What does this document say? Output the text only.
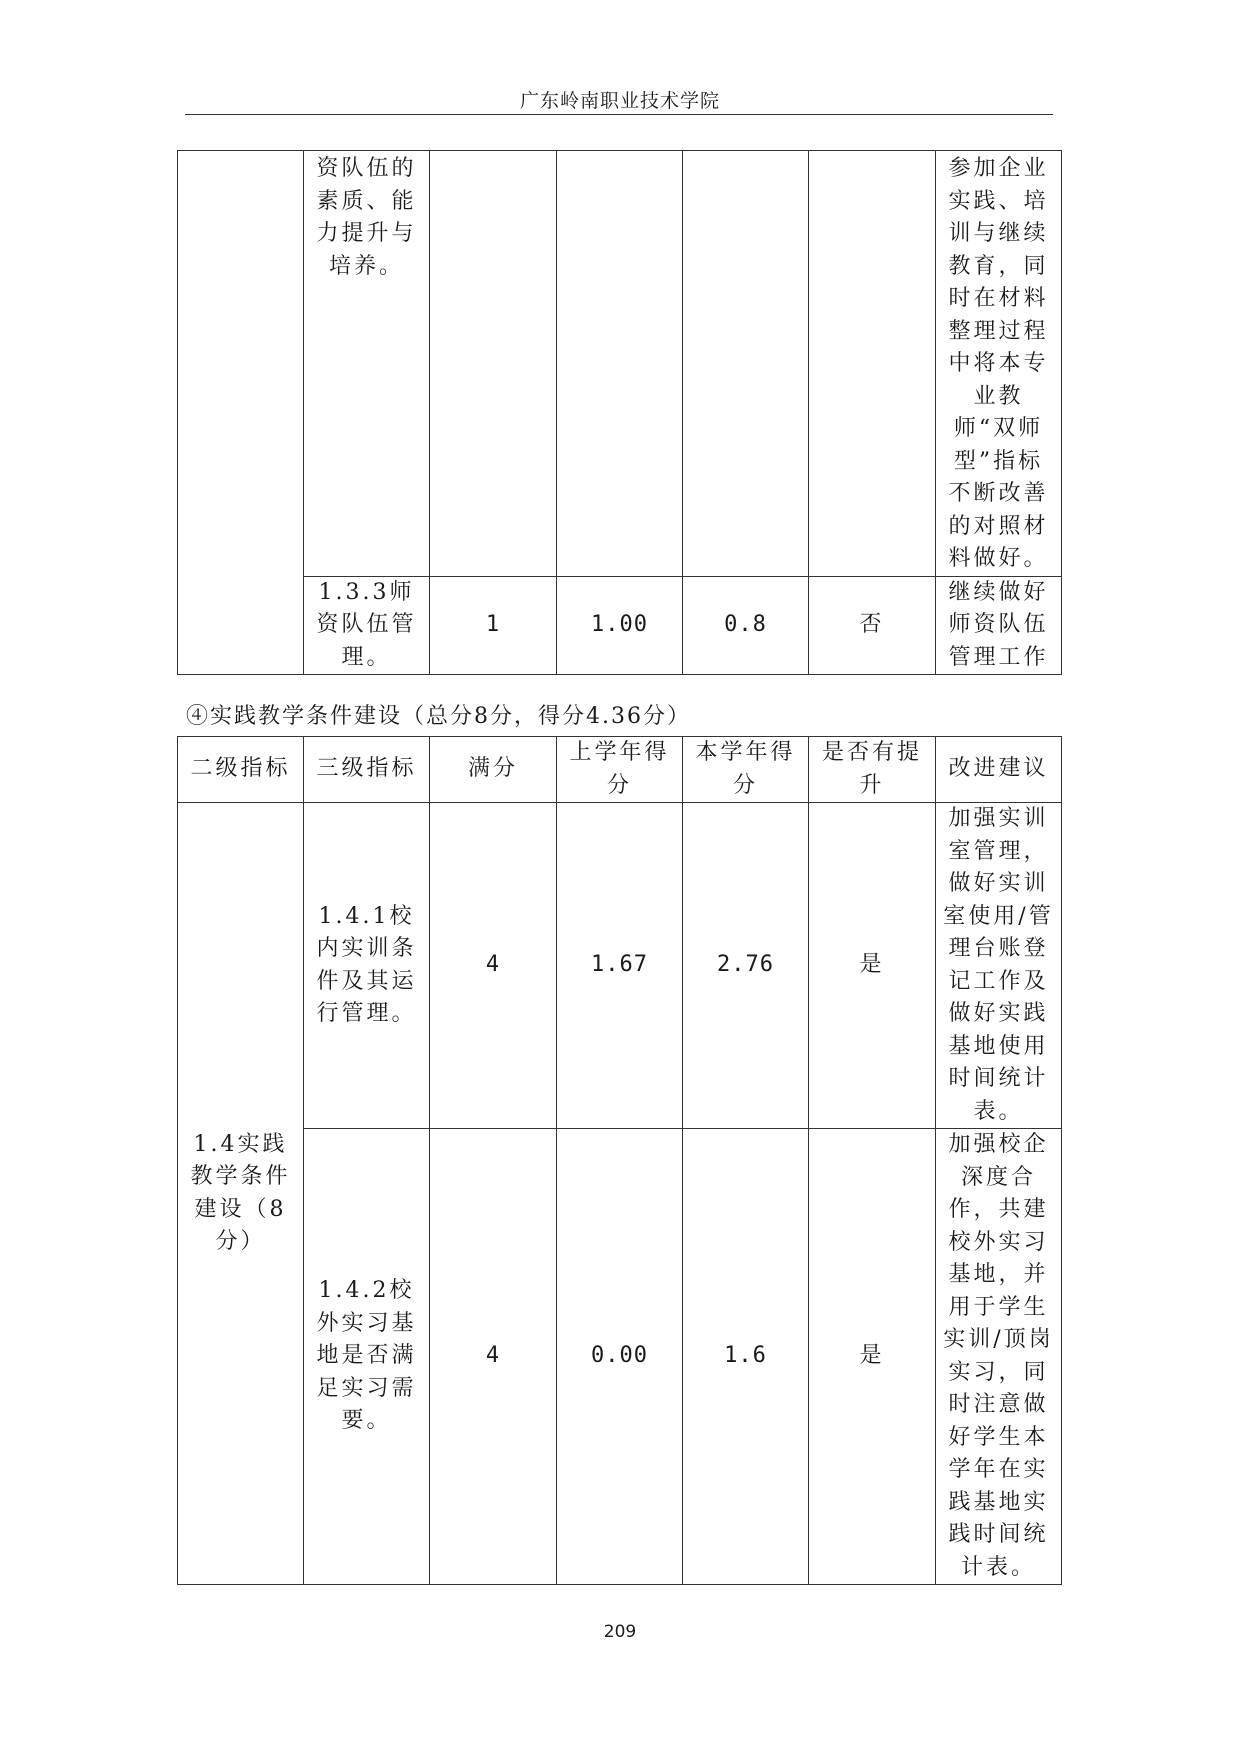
广东岭南职业技术学院
	资队伍的素质、能力提升与培养。					参加企业实践、培训与继续教育，同时在材料整理过程中将本专业教师“双师型”指标不断改善的对照材料做好。
	1.3.3师资队伍管理。	1	1.00	0.8	否	继续做好师资队伍管理工作
④实践教学条件建设（总分8分，得分4.36分）
二级指标	三级指标	满分	上学年得分	本学年得分	是否有提升	改进建议
1.4实践教学条件建设（8分）	1.4.1校内实训条件及其运行管理。	4	1.67	2.76	是	加强实训室管理，做好实训室使用/管理台账登记工作及做好实践基地使用时间统计表。
	1.4.2校外实习基地是否满足实习需要。	4	0.00	1.6	是	加强校企深度合作，共建校外实习基地，并用于学生实训/顶岗实习，同时注意做好学生本学年在实践基地实践时间统计表。
209
